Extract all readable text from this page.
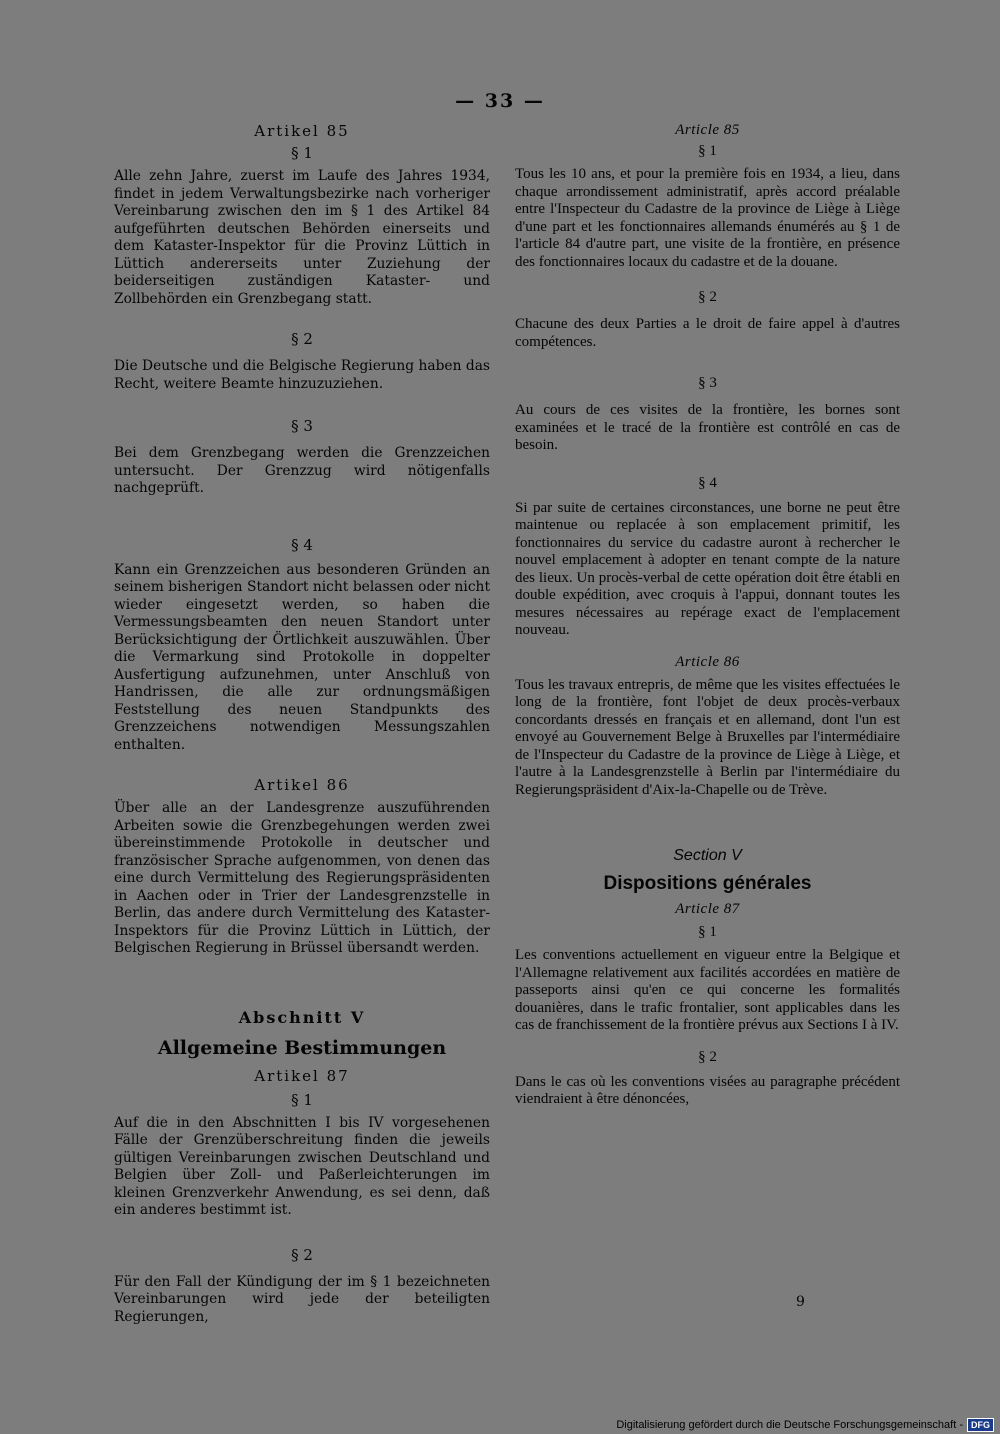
— 33 —

Artikel 85

§ 1

Alle zehn Jahre, zuerst im Laufe des Jahres 1934, findet in jedem Verwaltungsbezirke nach vorheriger Vereinbarung zwischen den im § 1 des Artikel 84 aufgeführten deutschen Behörden einerseits und dem Kataster-Inspektor für die Provinz Lüttich in Lüttich andererseits unter Zuziehung der beiderseitigen zuständigen Kataster- und Zollbehörden ein Grenzbegang statt.

§ 2

Die Deutsche und die Belgische Regierung haben das Recht, weitere Beamte hinzuzuziehen.

§ 3

Bei dem Grenzbegang werden die Grenzzeichen untersucht. Der Grenzzug wird nötigenfalls nachgeprüft.

§ 4

Kann ein Grenzzeichen aus besonderen Gründen an seinem bisherigen Standort nicht belassen oder nicht wieder eingesetzt werden, so haben die Vermessungsbeamten den neuen Standort unter Berücksichtigung der Örtlichkeit auszuwählen. Über die Vermarkung sind Protokolle in doppelter Ausfertigung aufzunehmen, unter Anschluß von Handrissen, die alle zur ordnungsmäßigen Feststellung des neuen Standpunkts des Grenzzeichens notwendigen Messungszahlen enthalten.

Artikel 86

Über alle an der Landesgrenze auszuführenden Arbeiten sowie die Grenzbegehungen werden zwei übereinstimmende Protokolle in deutscher und französischer Sprache aufgenommen, von denen das eine durch Vermittelung des Regierungspräsidenten in Aachen oder in Trier der Landesgrenzstelle in Berlin, das andere durch Vermittelung des Kataster-Inspektors für die Provinz Lüttich in Lüttich, der Belgischen Regierung in Brüssel übersandt werden.

Abschnitt V

Allgemeine Bestimmungen

Artikel 87

§ 1

Auf die in den Abschnitten I bis IV vorgesehenen Fälle der Grenzüberschreitung finden die jeweils gültigen Vereinbarungen zwischen Deutschland und Belgien über Zoll- und Paßerleichterungen im kleinen Grenzverkehr Anwendung, es sei denn, daß ein anderes bestimmt ist.

§ 2

Für den Fall der Kündigung der im § 1 bezeichneten Vereinbarungen wird jede der beteiligten Regierungen,

Article 85

§ 1

Tous les 10 ans, et pour la première fois en 1934, a lieu, dans chaque arrondissement administratif, après accord préalable entre l'Inspecteur du Cadastre de la province de Liège à Liège d'une part et les fonctionnaires allemands énumérés au § 1 de l'article 84 d'autre part, une visite de la frontière, en présence des fonctionnaires locaux du cadastre et de la douane.

§ 2

Chacune des deux Parties a le droit de faire appel à d'autres compétences.

§ 3

Au cours de ces visites de la frontière, les bornes sont examinées et le tracé de la frontière est contrôlé en cas de besoin.

§ 4

Si par suite de certaines circonstances, une borne ne peut être maintenue ou replacée à son emplacement primitif, les fonctionnaires du service du cadastre auront à rechercher le nouvel emplacement à adopter en tenant compte de la nature des lieux. Un procès-verbal de cette opération doit être établi en double expédition, avec croquis à l'appui, donnant toutes les mesures nécessaires au repérage exact de l'emplacement nouveau.

Article 86

Tous les travaux entrepris, de même que les visites effectuées le long de la frontière, font l'objet de deux procès-verbaux concordants dressés en français et en allemand, dont l'un est envoyé au Gouvernement Belge à Bruxelles par l'intermédiaire de l'Inspecteur du Cadastre de la province de Liège à Liège, et l'autre à la Landesgrenzstelle à Berlin par l'intermédiaire du Regierungspräsident d'Aix-la-Chapelle ou de Trève.

Section V

Dispositions générales

Article 87

§ 1

Les conventions actuellement en vigueur entre la Belgique et l'Allemagne relativement aux facilités accordées en matière de passeports ainsi qu'en ce qui concerne les formalités douanières, dans le trafic frontalier, sont applicables dans les cas de franchissement de la frontière prévus aux Sections I à IV.

§ 2

Dans le cas où les conventions visées au paragraphe précédent viendraient à être dénoncées,

9
Digitalisierung gefördert durch die Deutsche Forschungsgemeinschaft - DFG
